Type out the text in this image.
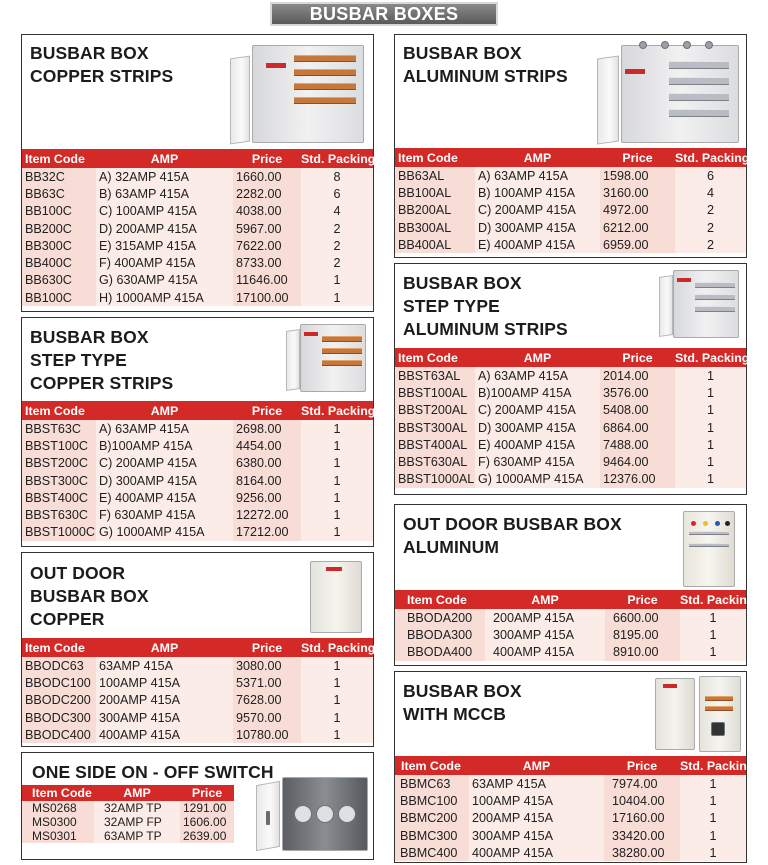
BUSBAR BOXES
BUSBAR BOX
COPPER STRIPS
Item Code	AMP	Price	Std. Packing
BB32C	A) 32AMP 415A	1660.00	8
BB63C	B) 63AMP 415A	2282.00	6
BB100C	C) 100AMP 415A	4038.00	4
BB200C	D) 200AMP 415A	5967.00	2
BB300C	E) 315AMP 415A	7622.00	2
BB400C	F) 400AMP 415A	8733.00	2
BB630C	G) 630AMP 415A	11646.00	1
BB100C	H) 1000AMP 415A	17100.00	1
BUSBAR BOX
ALUMINUM STRIPS
Item Code	AMP	Price	Std. Packing
BB63AL	A) 63AMP 415A	1598.00	6
BB100AL	B) 100AMP 415A	3160.00	4
BB200AL	C) 200AMP 415A	4972.00	2
BB300AL	D) 300AMP 415A	6212.00	2
BB400AL	E) 400AMP 415A	6959.00	2
BUSBAR BOX
STEP TYPE
COPPER STRIPS
Item Code	AMP	Price	Std. Packing
BBST63C	A) 63AMP 415A	2698.00	1
BBST100C	B)100AMP 415A	4454.00	1
BBST200C	C) 200AMP 415A	6380.00	1
BBST300C	D) 300AMP 415A	8164.00	1
BBST400C	E) 400AMP 415A	9256.00	1
BBST630C	F) 630AMP 415A	12272.00	1
BBST1000C	G) 1000AMP 415A	17212.00	1
BUSBAR BOX
STEP TYPE
ALUMINUM STRIPS
Item Code	AMP	Price	Std. Packing
BBST63AL	A) 63AMP 415A	2014.00	1
BBST100AL	B)100AMP 415A	3576.00	1
BBST200AL	C) 200AMP 415A	5408.00	1
BBST300AL	D) 300AMP 415A	6864.00	1
BBST400AL	E) 400AMP 415A	7488.00	1
BBST630AL	F) 630AMP 415A	9464.00	1
BBST1000AL	G) 1000AMP 415A	12376.00	1
OUT DOOR
BUSBAR BOX
COPPER
Item Code	AMP	Price	Std. Packing
BBODC63	63AMP 415A	3080.00	1
BBODC100	100AMP 415A	5371.00	1
BBODC200	200AMP 415A	7628.00	1
BBODC300	300AMP 415A	9570.00	1
BBODC400	400AMP 415A	10780.00	1
OUT DOOR BUSBAR BOX
ALUMINUM
Item Code	AMP	Price	Std. Packing
BBODA200	200AMP 415A	6600.00	1
BBODA300	300AMP 415A	8195.00	1
BBODA400	400AMP 415A	8910.00	1
ONE SIDE ON - OFF SWITCH
Item Code	AMP	Price
MS0268	32AMP TP	1291.00
MS0300	32AMP FP	1606.00
MS0301	63AMP TP	2639.00
BUSBAR BOX
WITH MCCB
Item Code	AMP	Price	Std. Packing
BBMC63	63AMP 415A	7974.00	1
BBMC100	100AMP 415A	10404.00	1
BBMC200	200AMP 415A	17160.00	1
BBMC300	300AMP 415A	33420.00	1
BBMC400	400AMP 415A	38280.00	1
